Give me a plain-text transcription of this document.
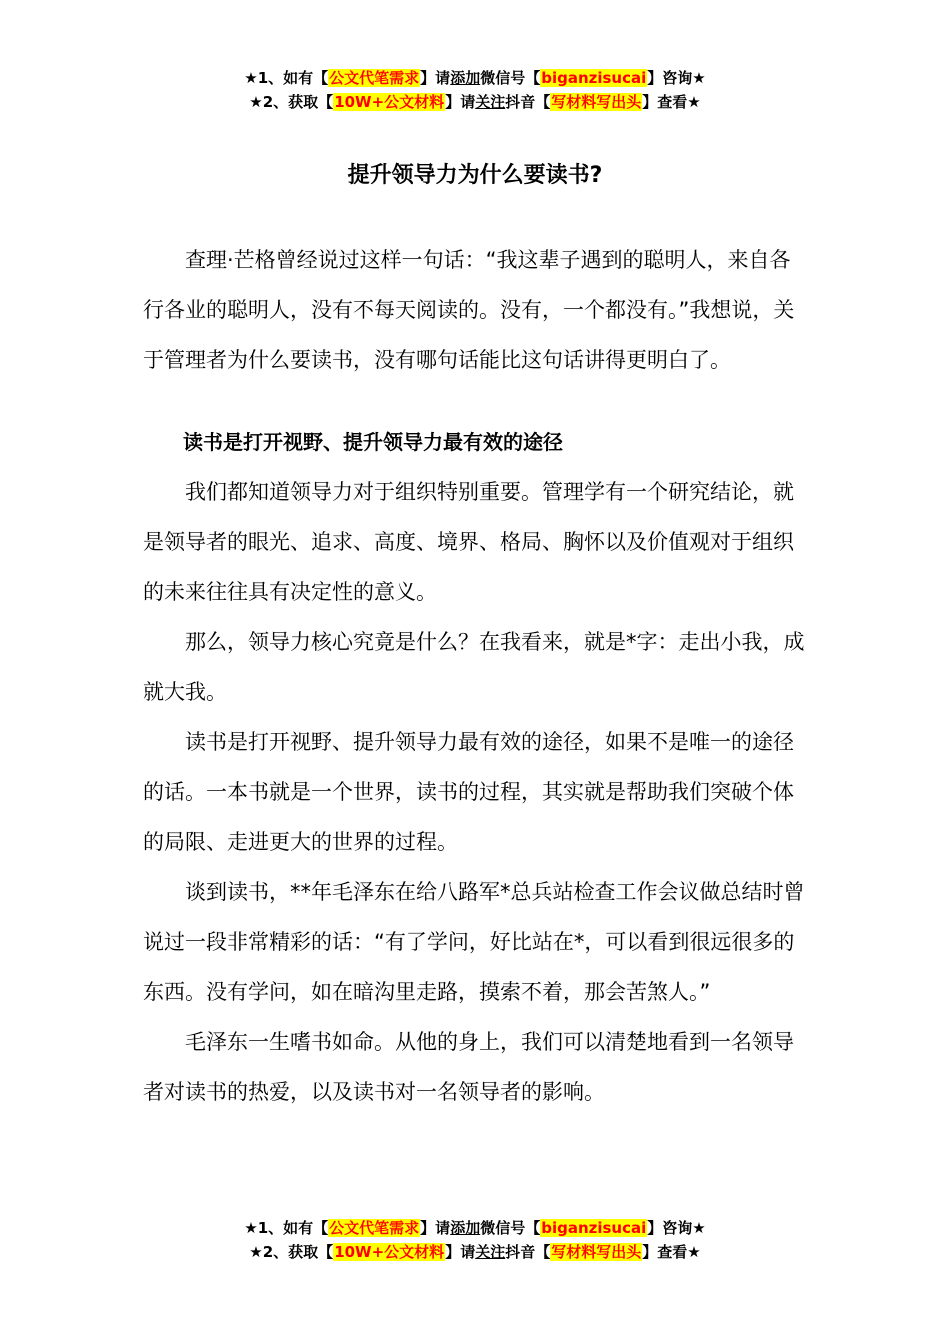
★1、如有【公文代笔需求】请添加微信号【biganzisucai】咨询★
★2、获取【10W+公文材料】请关注抖音【写材料写出头】查看★
提升领导力为什么要读书?

查理·芒格曾经说过这样一句话：“我这辈子遇到的聪明人，来自各行各业的聪明人，没有不每天阅读的。没有，一个都没有。”我想说，关于管理者为什么要读书，没有哪句话能比这句话讲得更明白了。

读书是打开视野、提升领导力最有效的途径

我们都知道领导力对于组织特别重要。管理学有一个研究结论，就是领导者的眼光、追求、高度、境界、格局、胸怀以及价值观对于组织的未来往往具有决定性的意义。

那么，领导力核心究竟是什么？在我看来，就是*字：走出小我，成就大我。

读书是打开视野、提升领导力最有效的途径，如果不是唯一的途径的话。一本书就是一个世界，读书的过程，其实就是帮助我们突破个体的局限、走进更大的世界的过程。

谈到读书，**年毛泽东在给八路军*总兵站检查工作会议做总结时曾说过一段非常精彩的话：“有了学问，好比站在*，可以看到很远很多的东西。没有学问，如在暗沟里走路，摸索不着，那会苦煞人。”

毛泽东一生嗜书如命。从他的身上，我们可以清楚地看到一名领导者对读书的热爱，以及读书对一名领导者的影响。

★1、如有【公文代笔需求】请添加微信号【biganzisucai】咨询★
★2、获取【10W+公文材料】请关注抖音【写材料写出头】查看★
